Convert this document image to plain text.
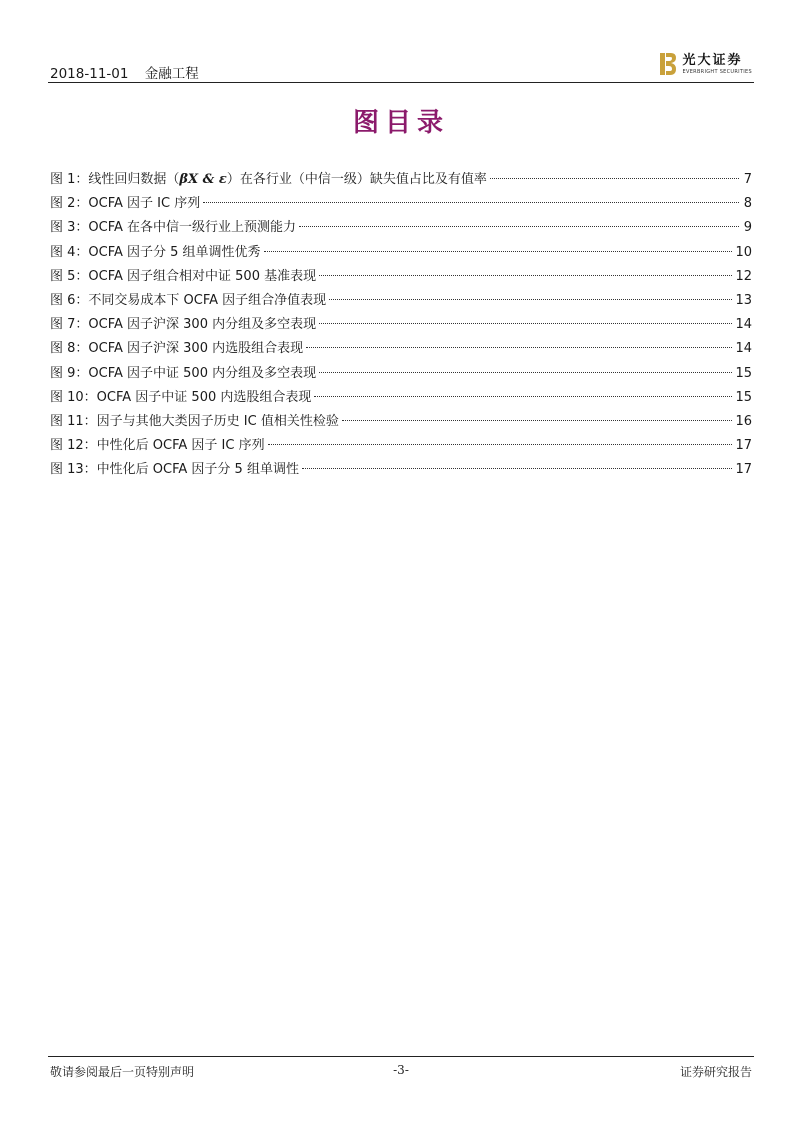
2018-11-01 金融工程
光大证券
EVERBRIGHT SECURITIES
图目录
图 1：线性回归数据（βX & ε）在各行业（中信一级）缺失值占比及有值率	7
图 2：OCFA 因子 IC 序列	8
图 3：OCFA 在各中信一级行业上预测能力	9
图 4：OCFA 因子分 5 组单调性优秀	10
图 5：OCFA 因子组合相对中证 500 基准表现	12
图 6：不同交易成本下 OCFA 因子组合净值表现	13
图 7：OCFA 因子沪深 300 内分组及多空表现	14
图 8：OCFA 因子沪深 300 内选股组合表现	14
图 9：OCFA 因子中证 500 内分组及多空表现	15
图 10：OCFA 因子中证 500 内选股组合表现	15
图 11：因子与其他大类因子历史 IC 值相关性检验	16
图 12：中性化后 OCFA 因子 IC 序列	17
图 13：中性化后 OCFA 因子分 5 组单调性	17
敬请参阅最后一页特别声明	-3-	证券研究报告
